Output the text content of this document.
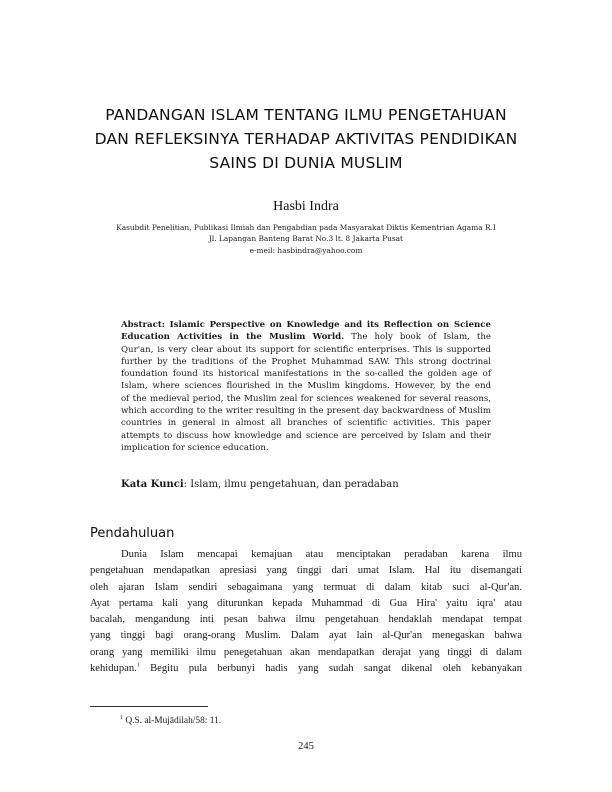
PANDANGAN ISLAM TENTANG ILMU PENGETAHUAN
DAN REFLEKSINYA TERHADAP AKTIVITAS PENDIDIKAN
SAINS DI DUNIA MUSLIM
Hasbi Indra
Kasubdit Penelitian, Publikasi Ilmiah dan Pengabdian pada Masyarakat Diktis Kementrian Agama R.I
Jl. Lapangan Banteng Barat No.3 lt. 8 Jakarta Pusat
e-meil: hasbindra@yahoo.com
Abstract: Islamic Perspective on Knowledge and its Reflection on Science
Education Activities in the Muslim World. The holy book of Islam, the
Qur'an, is very clear about its support for scientific enterprises. This is supported
further by the traditions of the Prophet Muhammad SAW. This strong doctrinal
foundation found its historical manifestations in the so-called the golden age of
Islam, where sciences flourished in the Muslim kingdoms. However, by the end
of the medieval period, the Muslim zeal for sciences weakened for several reasons,
which according to the writer resulting in the present day backwardness of Muslim
countries in general in almost all branches of scientific activities. This paper
attempts to discuss how knowledge and science are perceived by Islam and their
implication for science education.
Kata Kunci: Islam, ilmu pengetahuan, dan peradaban
Pendahuluan
Dunia Islam mencapai kemajuan atau menciptakan peradaban karena ilmu
pengetahuan mendapatkan apresiasi yang tinggi dari umat Islam. Hal itu disemangati
oleh ajaran Islam sendiri sebagaimana yang termuat di dalam kitab suci al-Qur'an.
Ayat pertama kali yang diturunkan kepada Muhammad di Gua Hira' yaitu iqra' atau
bacalah, mengandung inti pesan bahwa ilmu pengetahuan hendaklah mendapat tempat
yang tinggi bagi orang-orang Muslim. Dalam ayat lain al-Qur'an menegaskan bahwa
orang yang memiliki ilmu penegetahuan akan mendapatkan derajat yang tinggi di dalam
kehidupan.$^1$ Begitu pula berbunyi hadis yang sudah sangat dikenal oleh kebanyakan
$^1$ Q.S. al-Mujādilah/58: 11.
245
